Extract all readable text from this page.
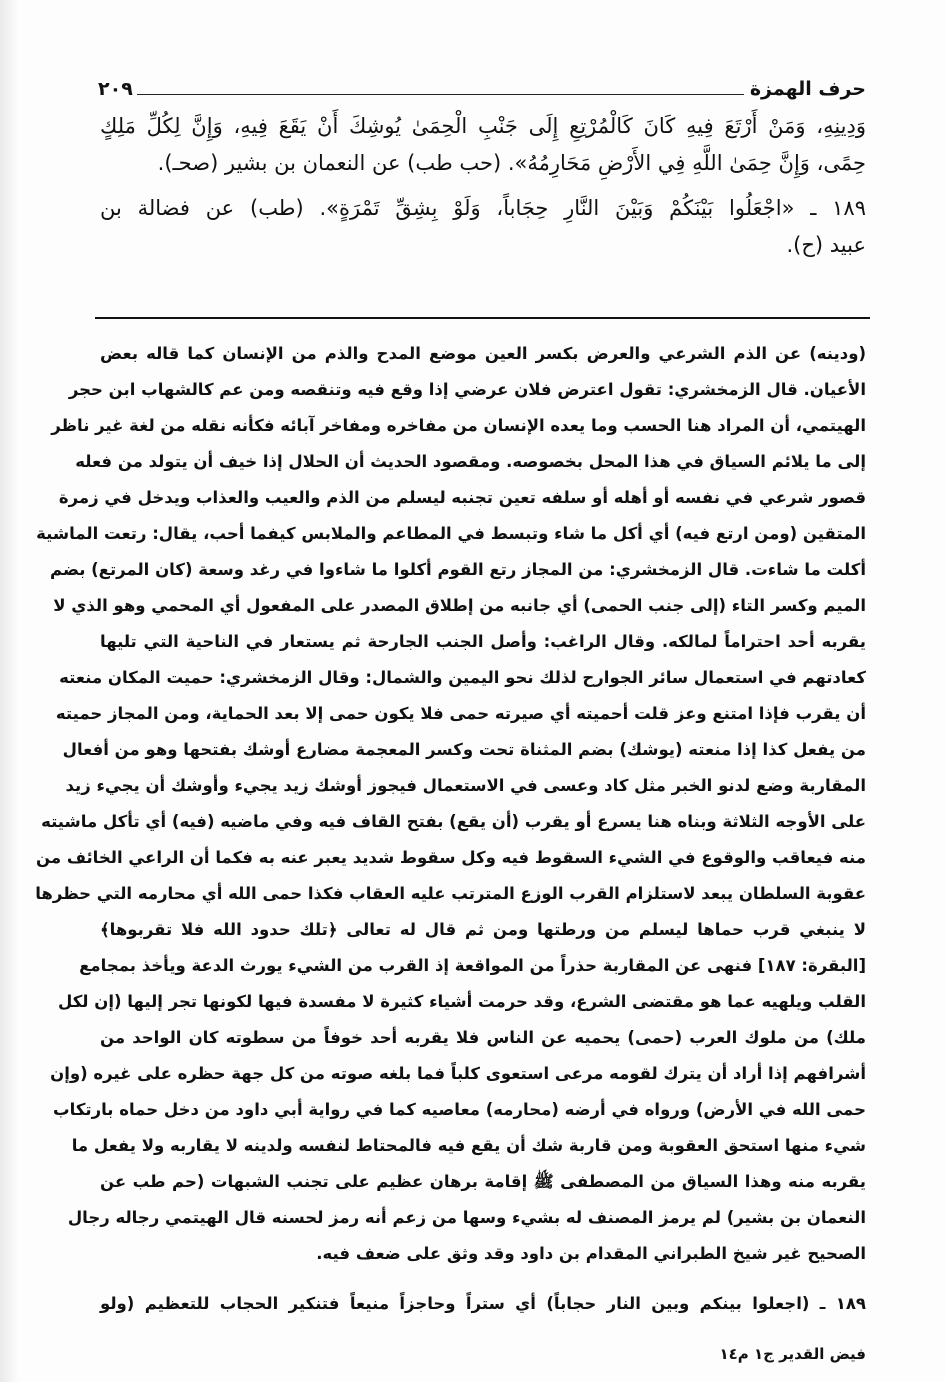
حرف الهمزة
٢٠٩
وَدِينِهِ، وَمَنْ أَرْتَعَ فِيهِ كَانَ كَالْمُرْتِعِ إِلَى جَنْبِ الْحِمَىٰ يُوشِكَ أَنْ يَقَعَ فِيهِ، وَإِنَّ لِكُلِّ مَلِكٍ
حِمًى، وَإِنَّ حِمَىٰ اللَّهِ فِي الأَرْضِ مَحَارِمُهُ». (حب طب) عن النعمان بن بشير (صحـ).
١٨٩ ـ «اجْعَلُوا بَيْنَكُمْ وَبَيْنَ النَّارِ حِجَاباً، وَلَوْ بِشِقِّ تَمْرَةٍ». (طب) عن فضالة بن
عبيد (ح).
(ودينه) عن الذم الشرعي والعرض بكسر العين موضع المدح والذم من الإنسان كما قاله بعض
الأعيان. قال الزمخشري: تقول اعترض فلان عرضي إذا وقع فيه وتنقصه ومن عم كالشهاب ابن حجر
الهيتمي، أن المراد هنا الحسب وما يعده الإنسان من مفاخره ومفاخر آبائه فكأنه نقله من لغة غير ناظر
إلى ما يلائم السياق في هذا المحل بخصوصه. ومقصود الحديث أن الحلال إذا خيف أن يتولد من فعله
قصور شرعي في نفسه أو أهله أو سلفه تعين تجنبه ليسلم من الذم والعيب والعذاب ويدخل في زمرة
المتقين (ومن ارتع فيه) أي أكل ما شاء وتبسط في المطاعم والملابس كيفما أحب، يقال: رتعت الماشية
أكلت ما شاءت. قال الزمخشري: من المجاز رتع القوم أكلوا ما شاءوا في رغد وسعة (كان المرتع) بضم
الميم وكسر التاء (إلى جنب الحمى) أي جانبه من إطلاق المصدر على المفعول أي المحمي وهو الذي لا
يقربه أحد احتراماً لمالكه. وقال الراغب: وأصل الجنب الجارحة ثم يستعار في الناحية التي تليها
كعادتهم في استعمال سائر الجوارح لذلك نحو اليمين والشمال: وقال الزمخشري: حميت المكان منعته
أن يقرب فإذا امتنع وعز قلت أحميته أي صيرته حمى فلا يكون حمى إلا بعد الحماية، ومن المجاز حميته
من يفعل كذا إذا منعته (يوشك) بضم المثناة تحت وكسر المعجمة مضارع أوشك بفتحها وهو من أفعال
المقاربة وضع لدنو الخبر مثل كاد وعسى في الاستعمال فيجوز أوشك زيد يجيء وأوشك أن يجيء زيد
على الأوجه الثلاثة وبناه هنا يسرع أو يقرب (أن يقع) بفتح القاف فيه وفي ماضيه (فيه) أي تأكل ماشيته
منه فيعاقب والوقوع في الشيء السقوط فيه وكل سقوط شديد يعبر عنه به فكما أن الراعي الخائف من
عقوبة السلطان يبعد لاستلزام القرب الوزع المترتب عليه العقاب فكذا حمى الله أي محارمه التي حظرها
لا ينبغي قرب حماها ليسلم من ورطتها ومن ثم قال له تعالى ﴿تلك حدود الله فلا تقربوها﴾
[البقرة: ١٨٧] فنهى عن المقاربة حذراً من المواقعة إذ القرب من الشيء يورث الدعة ويأخذ بمجامع
القلب ويلهيه عما هو مقتضى الشرع، وقد حرمت أشياء كثيرة لا مفسدة فيها لكونها تجر إليها (إن لكل
ملك) من ملوك العرب (حمى) يحميه عن الناس فلا يقربه أحد خوفاً من سطوته كان الواحد من
أشرافهم إذا أراد أن يترك لقومه مرعى استعوى كلباً فما بلغه صوته من كل جهة حظره على غيره (وإن
حمى الله في الأرض) ورواه في أرضه (محارمه) معاصيه كما في رواية أبي داود من دخل حماه بارتكاب
شيء منها استحق العقوبة ومن قاربة شك أن يقع فيه فالمحتاط لنفسه ولدينه لا يقاربه ولا يفعل ما
يقربه منه وهذا السياق من المصطفى ﷺ إقامة برهان عظيم على تجنب الشبهات (حم طب عن
النعمان بن بشير) لم يرمز المصنف له بشيء وسها من زعم أنه رمز لحسنه قال الهيتمي رجاله رجال
الصحيح غير شيخ الطبراني المقدام بن داود وقد وثق على ضعف فيه.
١٨٩ ـ (اجعلوا بينكم وبين النار حجاباً) أي ستراً وحاجزاً منيعاً فتنكير الحجاب للتعظيم (ولو
فيض القدير ج١ م١٤
